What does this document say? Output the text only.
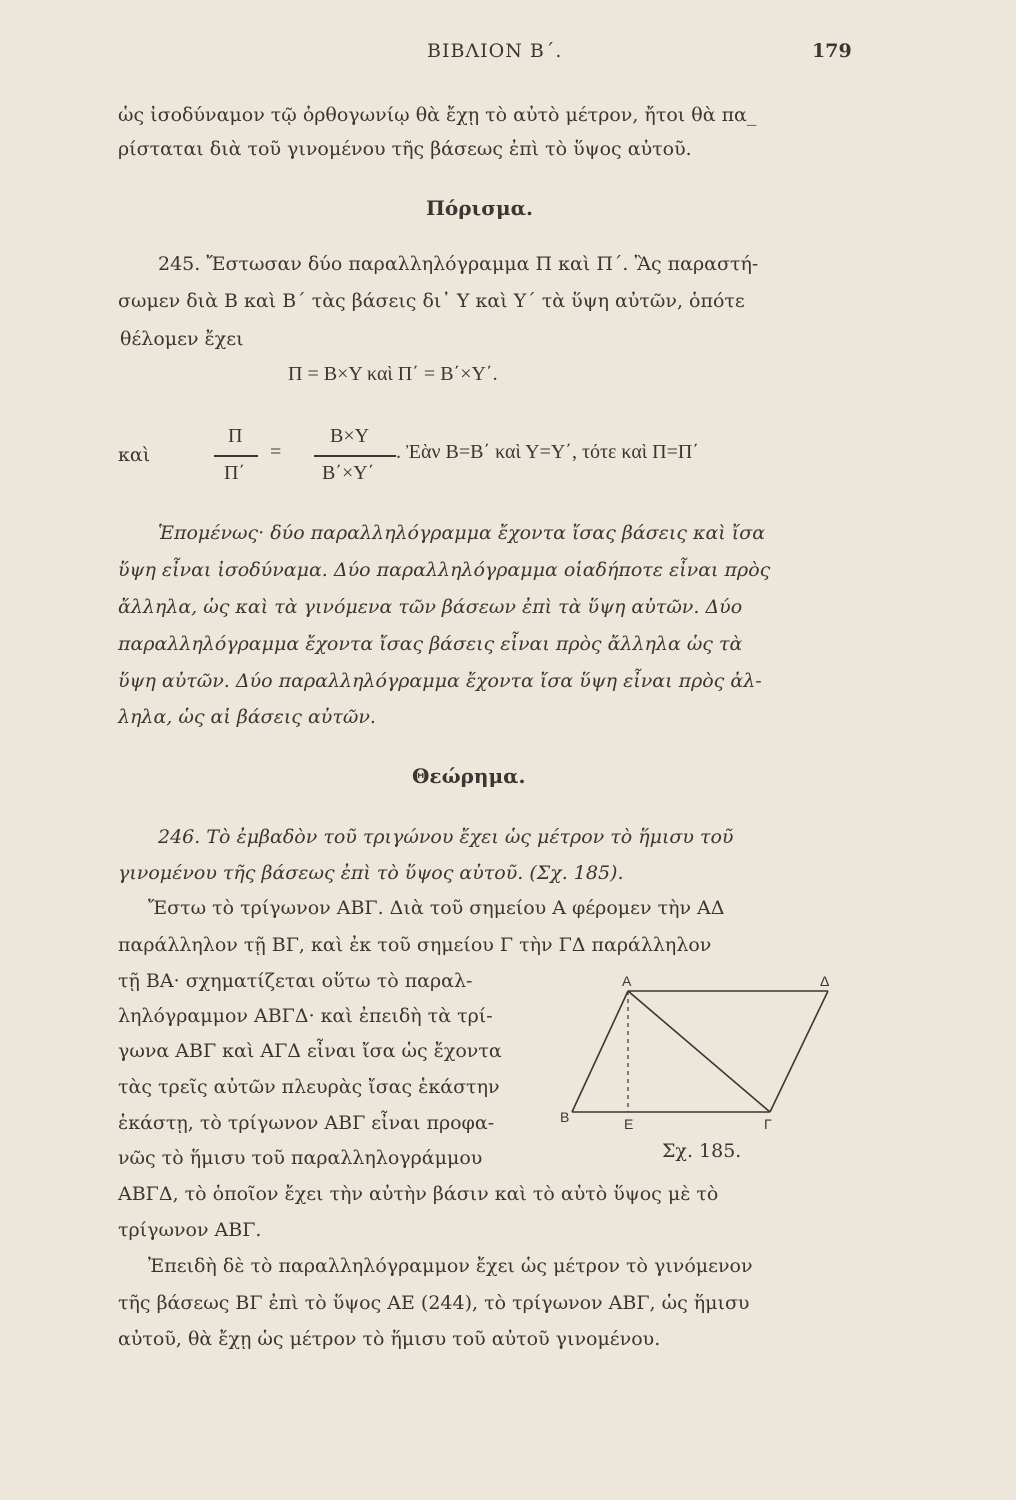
ΒΙΒΛΙΟΝ Β΄.	179
ὡς ἰσοδύναμον τῷ ὀρθογωνίῳ θὰ ἔχῃ τὸ αὐτὸ μέτρον, ἤτοι θὰ πα_
ρίσταται διὰ τοῦ γινομένου τῆς βάσεως ἐπὶ τὸ ὕψος αὐτοῦ.
Πόρισμα.
245. Ἔστωσαν δύο παραλληλόγραμμα Π καὶ Π΄. Ἂς παραστή-
σωμεν διὰ Β καὶ Β΄ τὰς βάσεις δι᾽ Υ καὶ Υ΄ τὰ ὕψη αὐτῶν, ὁπότε
θέλομεν ἔχει
Π = Β×Υ καὶ Π΄ = Β΄×Υ΄.
καὶ
Π
Π΄
=
Β×Υ
Β΄×Υ΄
. Ἐὰν Β=Β΄ καὶ Υ=Υ΄, τότε καὶ Π=Π΄
Ἑπομένως· δύο παραλληλόγραμμα ἔχοντα ἴσας βάσεις καὶ ἴσα
ὕψη εἶναι ἰσοδύναμα. Δύο παραλληλόγραμμα οἱαδήποτε εἶναι πρὸς
ἄλληλα, ὡς καὶ τὰ γινόμενα τῶν βάσεων ἐπὶ τὰ ὕψη αὐτῶν. Δύο
παραλληλόγραμμα ἔχοντα ἴσας βάσεις εἶναι πρὸς ἄλληλα ὡς τὰ
ὕψη αὐτῶν. Δύο παραλληλόγραμμα ἔχοντα ἴσα ὕψη εἶναι πρὸς ἀλ-
ληλα, ὡς αἱ βάσεις αὐτῶν.
Θεώρημα.
246. Τὸ ἐμβαδὸν τοῦ τριγώνου ἔχει ὡς μέτρον τὸ ἥμισυ τοῦ
γινομένου τῆς βάσεως ἐπὶ τὸ ὕψος αὐτοῦ. (Σχ. 185).
Ἔστω τὸ τρίγωνον ΑΒΓ. Διὰ τοῦ σημείου Α φέρομεν τὴν ΑΔ
παράλληλον τῇ ΒΓ, καὶ ἐκ τοῦ σημείου Γ τὴν ΓΔ παράλληλον
τῇ ΒΑ· σχηματίζεται οὕτω τὸ παραλ-
ληλόγραμμον ΑΒΓΔ· καὶ ἐπειδὴ τὰ τρί-
γωνα ΑΒΓ καὶ ΑΓΔ εἶναι ἴσα ὡς ἔχοντα
τὰς τρεῖς αὐτῶν πλευρὰς ἴσας ἑκάστην
ἑκάστῃ, τὸ τρίγωνον ΑΒΓ εἶναι προφα-
A	Δ
B	E	Γ
νῶς τὸ ἥμισυ τοῦ παραλληλογράμμου	Σχ. 185.
ΑΒΓΔ, τὸ ὁποῖον ἔχει τὴν αὐτὴν βάσιν καὶ τὸ αὐτὸ ὕψος μὲ τὸ
τρίγωνον ΑΒΓ.
Ἐπειδὴ δὲ τὸ παραλληλόγραμμον ἔχει ὡς μέτρον τὸ γινόμενον
τῆς βάσεως ΒΓ ἐπὶ τὸ ὕψος ΑΕ (244), τὸ τρίγωνον ΑΒΓ, ὡς ἥμισυ
αὐτοῦ, θὰ ἔχῃ ὡς μέτρον τὸ ἥμισυ τοῦ αὐτοῦ γινομένου.
